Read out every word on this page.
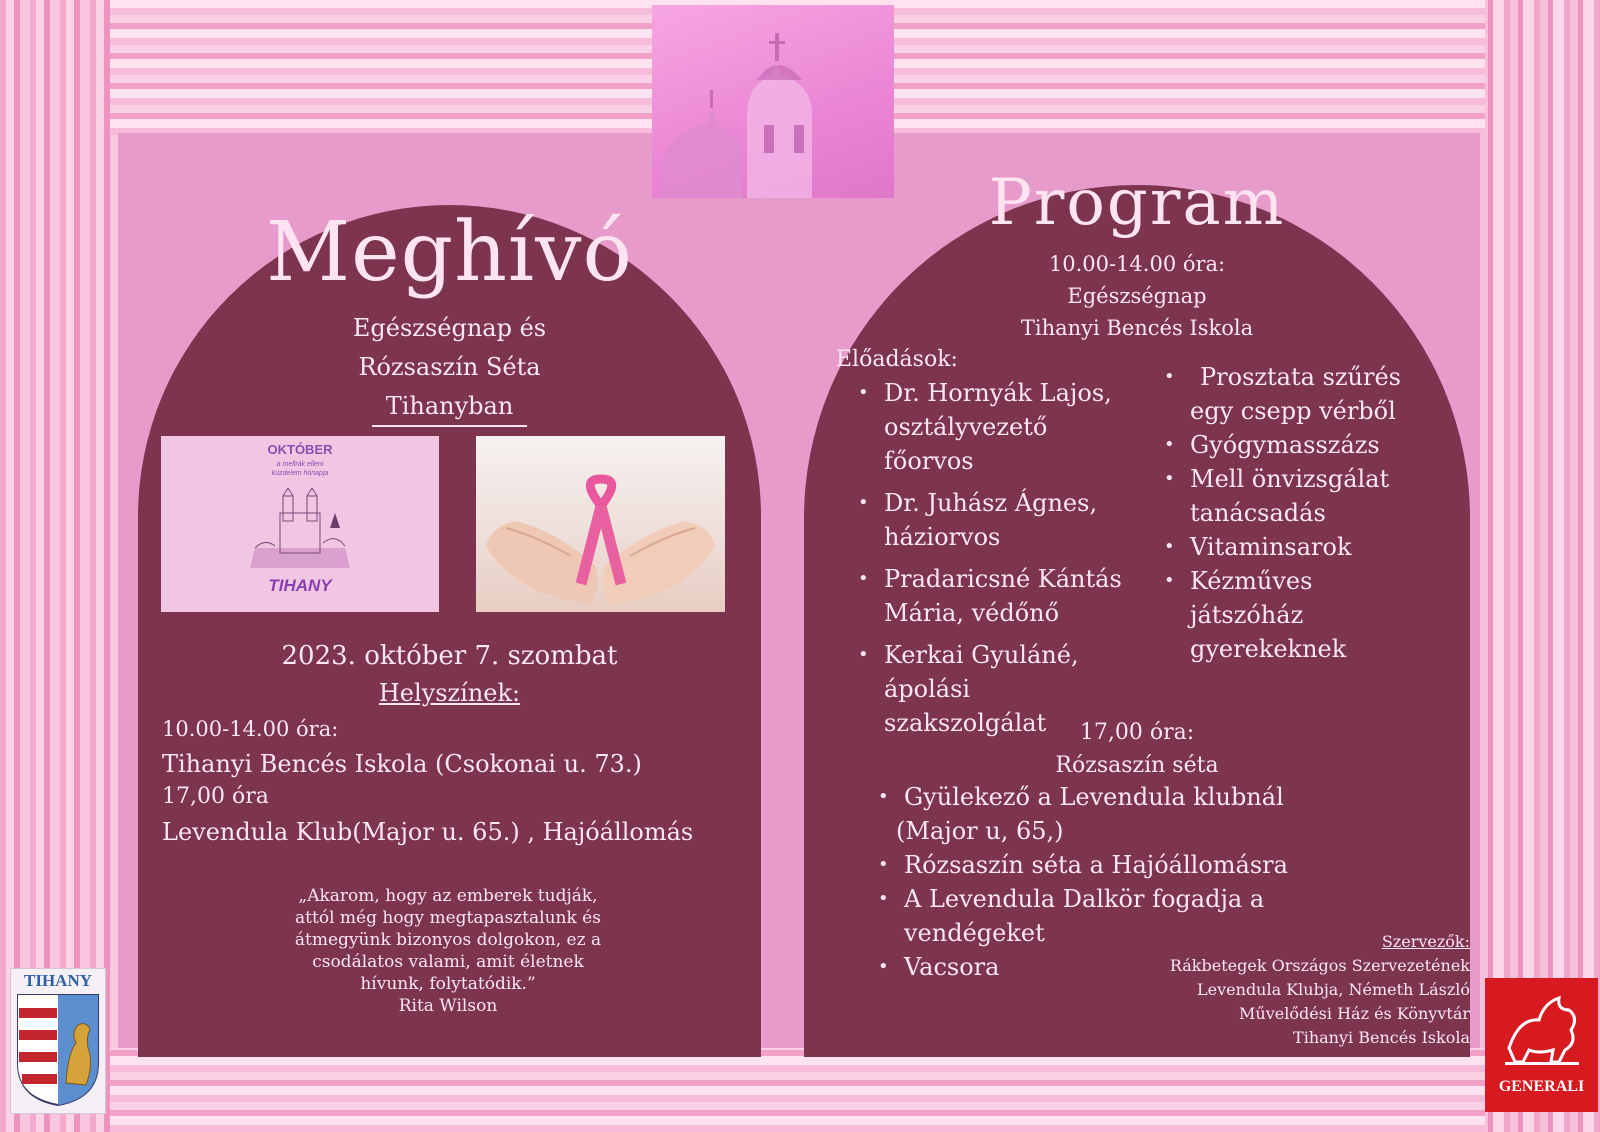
Meghívó
Egészségnap és
Rózsaszín Séta
Tihanyban
OKTÓBER
a mellrák elleni
küzdelem hónapja
TIHANY
2023. október 7. szombat
Helyszínek:
10.00-14.00 óra:
Tihanyi Bencés Iskola (Csokonai u. 73.)
17,00 óra
Levendula Klub(Major u. 65.) , Hajóállomás
„Akarom, hogy az emberek tudják,
attól még hogy megtapasztalunk és
átmegyünk bizonyos dolgokon, ez a
csodálatos valami, amit életnek
hívunk, folytatódik.”
Rita Wilson
Program
10.00-14.00 óra:
Egészségnap
Tihanyi Bencés Iskola
Előadások:
• Dr. Hornyák Lajos,
osztályvezető
főorvos
• Dr. Juhász Ágnes,
háziorvos
• Pradaricsné Kántás
Mária, védőnő
• Kerkai Gyuláné,
ápolási
szakszolgálat
• Prosztata szűrés
egy csepp vérből
• Gyógymasszázs
• Mell önvizsgálat
tanácsadás
• Vitaminsarok
• Kézműves
játszóház
gyerekeknek
17,00 óra:
Rózsaszín séta
• Gyülekező a Levendula klubnál
(Major u, 65,)
• Rózsaszín séta a Hajóállomásra
• A Levendula Dalkör fogadja a
vendégeket
• Vacsora
Szervezők:
Rákbetegek Országos Szervezetének
Levendula Klubja, Németh László
Művelődési Ház és Könyvtár
Tihanyi Bencés Iskola
TIHANY
GENERALI
